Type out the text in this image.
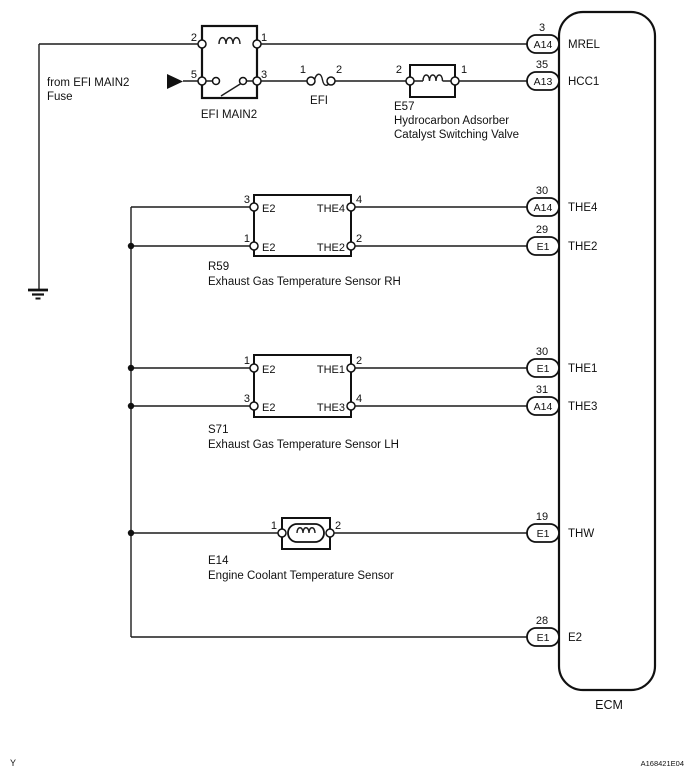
from EFI MAIN2
Fuse
2	1
5	3
EFI MAIN2
1	2
EFI
2	1
E57
Hydrocarbon Adsorber
Catalyst Switching Valve
3	4
1	2
E2	THE4
E2	THE2
R59
Exhaust Gas Temperature Sensor RH
1	2
3	4
E2	THE1
E2	THE3
S71
Exhaust Gas Temperature Sensor LH
1	2
E14
Engine Coolant Temperature Sensor
ECM
3
A14 MREL
35
A13 HCC1
30
A14 THE4
29
E1 THE2
30
E1 THE1
31
A14 THE3
19
E1 THW
28
E1 E2
Y	A168421E04
